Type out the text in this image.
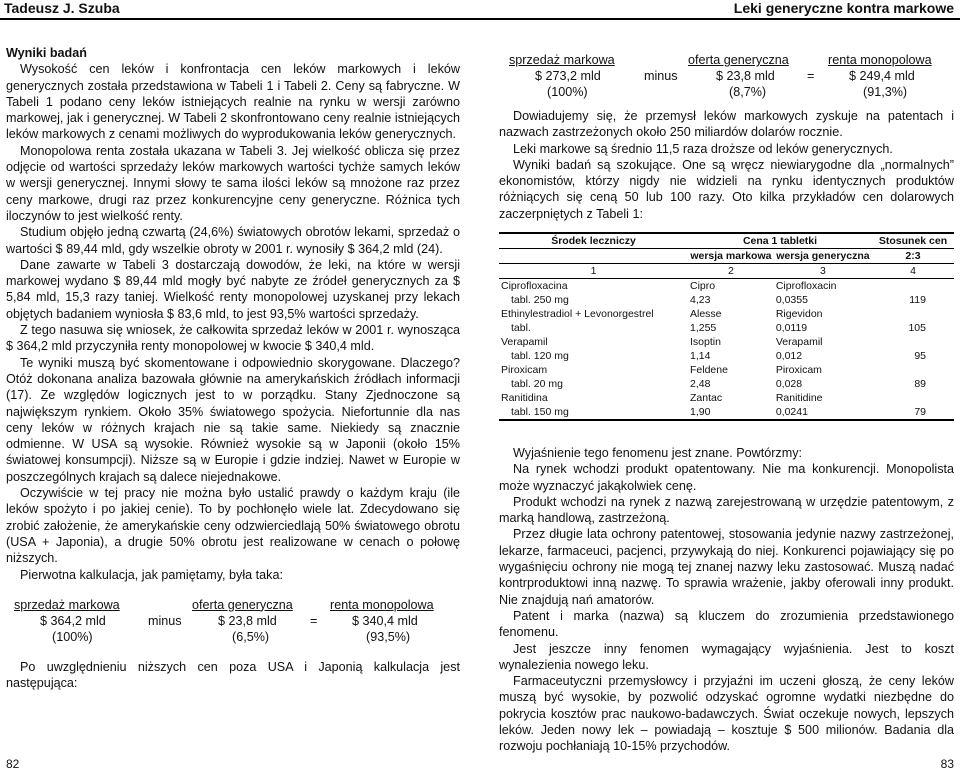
Tadeusz J. Szuba	Leki generyczne kontra markowe

Wyniki badań

Wysokość cen leków i konfrontacja cen leków markowych i leków generycznych została przedstawiona w Tabeli 1 i Tabeli 2. Ceny są fabryczne. W Tabeli 1 podano ceny leków istniejących realnie na rynku w wersji zarówno markowej, jak i generycznej. W Tabeli 2 skonfrontowano ceny realnie istniejących leków markowych z cenami możliwych do wyprodukowania leków generycznych.

Monopolowa renta została ukazana w Tabeli 3. Jej wielkość oblicza się przez odjęcie od wartości sprzedaży leków markowych wartości tychże samych leków w wersji generycznej. Innymi słowy te sama ilości leków są mnożone raz przez ceny markowe, drugi raz przez konkurencyjne ceny generyczne. Różnica tych iloczynów to jest wielkość renty.

Studium objęło jedną czwartą (24,6%) światowych obrotów lekami, sprzedaż o wartości $ 89,44 mld, gdy wszelkie obroty w 2001 r. wynosiły $ 364,2 mld (24).

Dane zawarte w Tabeli 3 dostarczają dowodów, że leki, na które w wersji markowej wydano $ 89,44 mld mogły być nabyte ze źródeł generycznych za $ 5,84 mld, 15,3 razy taniej. Wielkość renty monopolowej uzyskanej przy lekach objętych badaniem wyniosła $ 83,6 mld, to jest 93,5% wartości sprzedaży.

Z tego nasuwa się wniosek, że całkowita sprzedaż leków w 2001 r. wynosząca $ 364,2 mld przyczyniła renty monopolowej w kwocie $ 340,4 mld.

Te wyniki muszą być skomentowane i odpowiednio skorygowane. Dlaczego? Otóż dokonana analiza bazowała głównie na amerykańskich źródłach informacji (17). Ze względów logicznych jest to w porządku. Stany Zjednoczone są największym rynkiem. Około 35% światowego spożycia. Niefortunnie dla nas ceny leków w różnych krajach nie są takie same. Niekiedy są znacznie odmienne. W USA są wysokie. Również wysokie są w Japonii (około 15% światowej konsumpcji). Niższe są w Europie i gdzie indziej. Nawet w Europie w poszczególnych krajach są dalece niejednakowe.

Oczywiście w tej pracy nie można było ustalić prawdy o każdym kraju (ile leków spożyto i po jakiej cenie). To by pochłonęło wiele lat. Zdecydowano się zrobić założenie, że amerykańskie ceny odzwierciedlają 50% światowego obrotu (USA + Japonia), a drugie 50% obrotu jest realizowane w cenach o połowę niższych.

Pierwotna kalkulacja, jak pamiętamy, była taka:

sprzedaż markowa	oferta generyczna	renta monopolowa
$ 364,2 mld	minus	$ 23,8 mld	=	$ 340,4 mld
(100%)	(6,5%)	(93,5%)

Po uwzględnieniu niższych cen poza USA i Japonią kalkulacja jest następująca:

sprzedaż markowa	oferta generyczna	renta monopolowa
$ 273,2 mld	minus	$ 23,8 mld	=	$ 249,4 mld
(100%)	(8,7%)	(91,3%)

Dowiadujemy się, że przemysł leków markowych zyskuje na patentach i nazwach zastrzeżonych około 250 miliardów dolarów rocznie.

Leki markowe są średnio 11,5 raza droższe od leków generycznych.

Wyniki badań są szokujące. One są wręcz niewiarygodne dla „normalnych” ekonomistów, którzy nigdy nie widzieli na rynku identycznych produktów różniących się ceną 50 lub 100 razy. Oto kilka przykładów cen dolarowych zaczerpniętych z Tabeli 1:

Środek leczniczy	Cena 1 tabletki		Stosunek cen
	wersja markowa	wersja generyczna	2:3
1	2	3	4
Ciprofloxacina	Cipro	Ciprofloxacin	
tabl. 250 mg	4,23	0,0355	119
Ethinylestradiol + Levonorgestrel	Alesse	Rigevidon	
tabl.	1,255	0,0119	105
Verapamil	Isoptin	Verapamil	
tabl. 120 mg	1,14	0,012	95
Piroxicam	Feldene	Piroxicam	
tabl. 20 mg	2,48	0,028	89
Ranitidina	Zantac	Ranitidine	
tabl. 150 mg	1,90	0,0241	79

Wyjaśnienie tego fenomenu jest znane. Powtórzmy:

Na rynek wchodzi produkt opatentowany. Nie ma konkurencji. Monopolista może wyznaczyć jakąkolwiek cenę.

Produkt wchodzi na rynek z nazwą zarejestrowaną w urzędzie patentowym, z marką handlową, zastrzeżoną.

Przez długie lata ochrony patentowej, stosowania jedynie nazwy zastrzeżonej, lekarze, farmaceuci, pacjenci, przywykają do niej. Konkurenci pojawiający się po wygaśnięciu ochrony nie mogą tej znanej nazwy leku zastosować. Muszą nadać kontrproduktowi inną nazwę. To sprawia wrażenie, jakby oferowali inny produkt. Nie znajdują nań amatorów.

Patent i marka (nazwa) są kluczem do zrozumienia przedstawionego fenomenu.

Jest jeszcze inny fenomen wymagający wyjaśnienia. Jest to koszt wynalezienia nowego leku.

Farmaceutyczni przemysłowcy i przyjaźni im uczeni głoszą, że ceny leków muszą być wysokie, by pozwolić odzyskać ogromne wydatki niezbędne do pokrycia kosztów prac naukowo-badawczych. Świat oczekuje nowych, lepszych leków. Jeden nowy lek – powiadają – kosztuje $ 500 milionów. Badania dla rozwoju pochłaniają 10-15% przychodów.

82	83
